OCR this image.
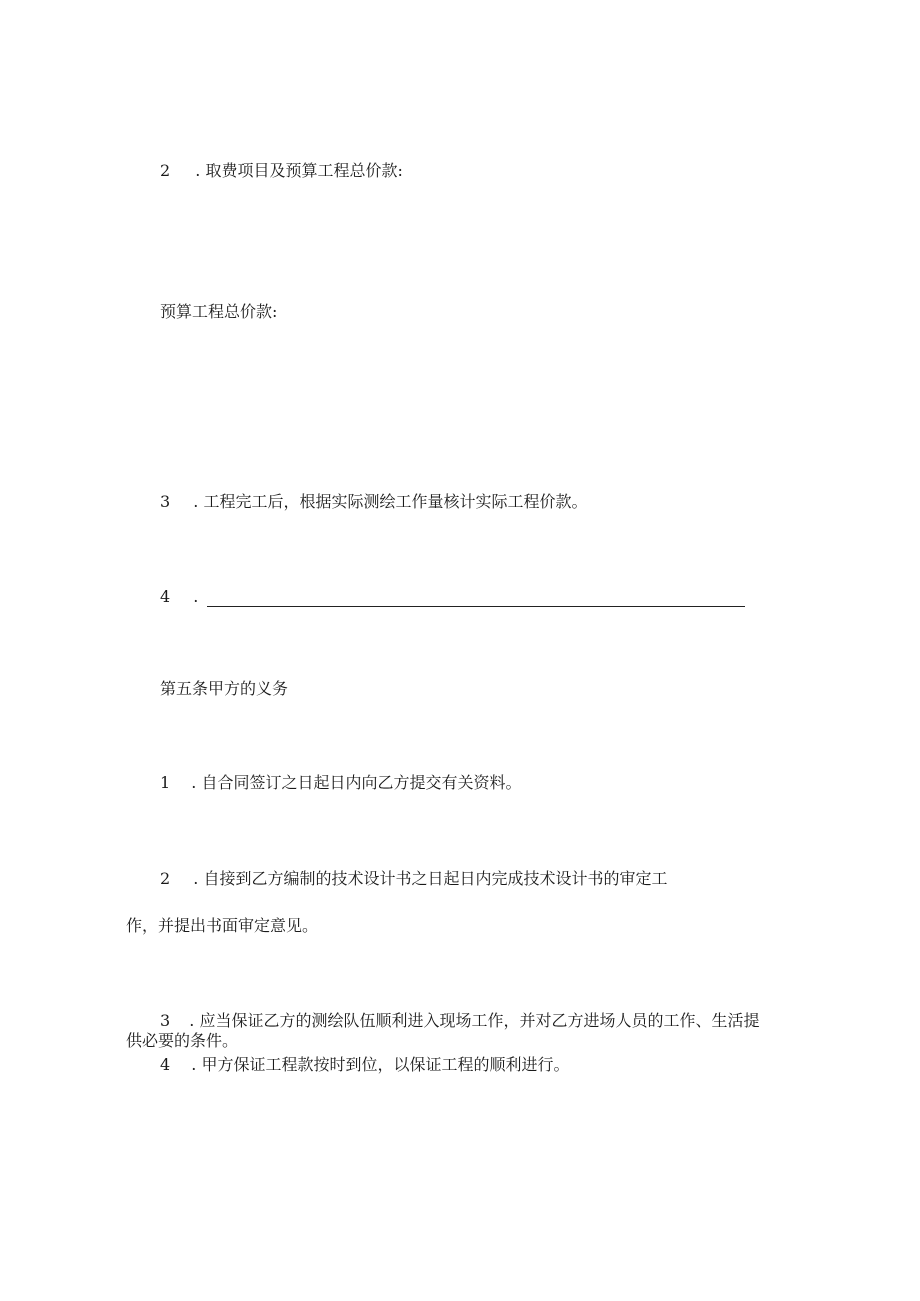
2 . 取费项目及预算工程总价款:
预算工程总价款:
3 . 工程完工后，根据实际测绘工作量核计实际工程价款。
4 .
第五条甲方的义务
1 . 自合同签订之日起日内向乙方提交有关资料。
2 . 自接到乙方编制的技术设计书之日起日内完成技术设计书的审定工
作，并提出书面审定意见。
3 . 应当保证乙方的测绘队伍顺利进入现场工作，并对乙方进场人员的工作、生活提
供必要的条件。
4 . 甲方保证工程款按时到位，以保证工程的顺利进行。
